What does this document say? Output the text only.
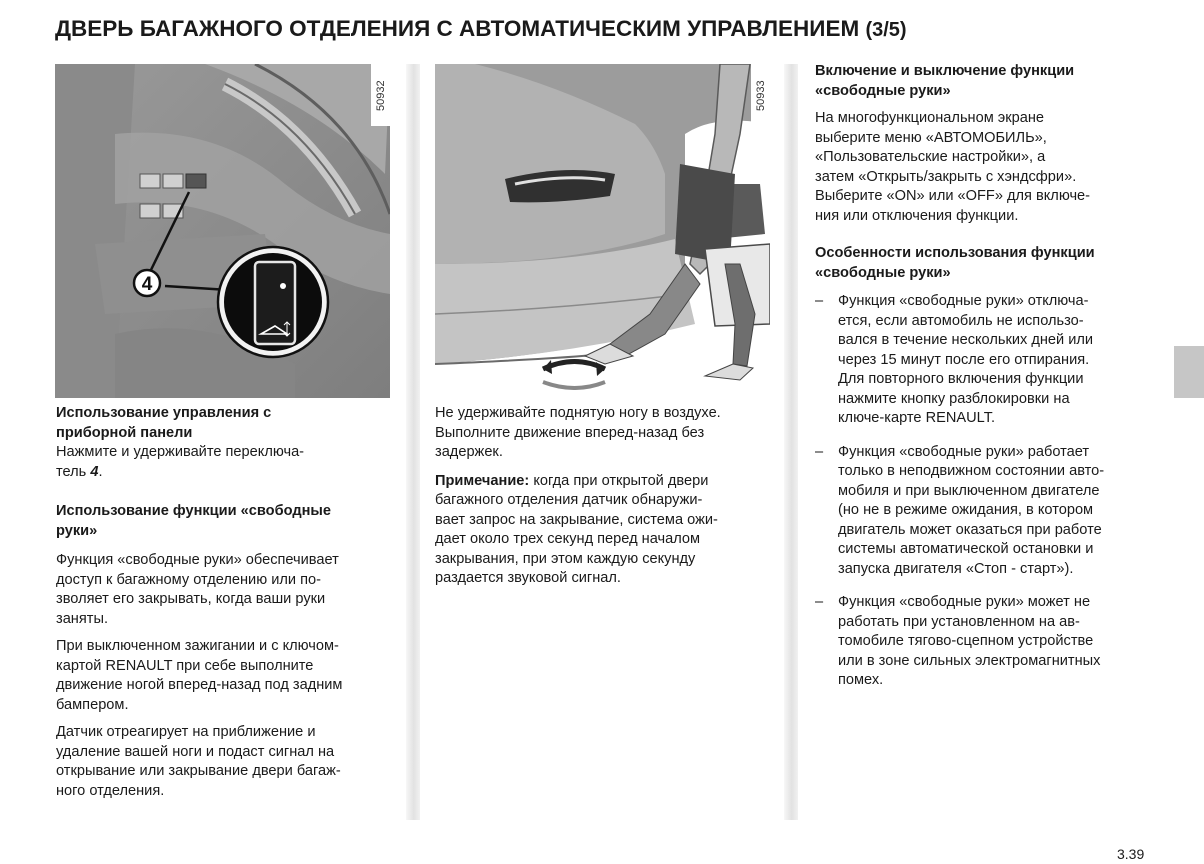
ДВЕРЬ БАГАЖНОГО ОТДЕЛЕНИЯ С АВТОМАТИЧЕСКИМ УПРАВЛЕНИЕМ (3/5)
4
50932	50933

Использование управления с
приборной панели

Нажмите и удерживайте переключа-
тель 4.

Использование функции «свободные
руки»

Функция «свободные руки» обеспечивает
доступ к багажному отделению или по-
зволяет его закрывать, когда ваши руки
заняты.

При выключенном зажигании и с ключом-
картой RENAULT при себе выполните
движение ногой вперед-назад под задним
бампером.

Датчик отреагирует на приближение и
удаление вашей ноги и подаст сигнал на
открывание или закрывание двери багаж-
ного отделения.

Не удерживайте поднятую ногу в воздухе.
Выполните движение вперед-назад без
задержек.

Примечание: когда при открытой двери
багажного отделения датчик обнаружи-
вает запрос на закрывание, система ожи-
дает около трех секунд перед началом
закрывания, при этом каждую секунду
раздается звуковой сигнал.

Включение и выключение функции
«свободные руки»

На многофункциональном экране
выберите меню «АВТОМОБИЛЬ»,
«Пользовательские настройки», а
затем «Открыть/закрыть с хэндсфри».
Выберите «ON» или «OFF» для включе-
ния или отключения функции.

Особенности использования функции
«свободные руки»

– Функция «свободные руки» отключа-
ется, если автомобиль не использо-
вался в течение нескольких дней или
через 15 минут после его отпирания.
Для повторного включения функции
нажмите кнопку разблокировки на
ключе-карте RENAULT.
– Функция «свободные руки» работает
только в неподвижном состоянии авто-
мобиля и при выключенном двигателе
(но не в режиме ожидания, в котором
двигатель может оказаться при работе
системы автоматической остановки и
запуска двигателя «Стоп - старт»).
– Функция «свободные руки» может не
работать при установленном на ав-
томобиле тягово-сцепном устройстве
или в зоне сильных электромагнитных
помех.
3.39
